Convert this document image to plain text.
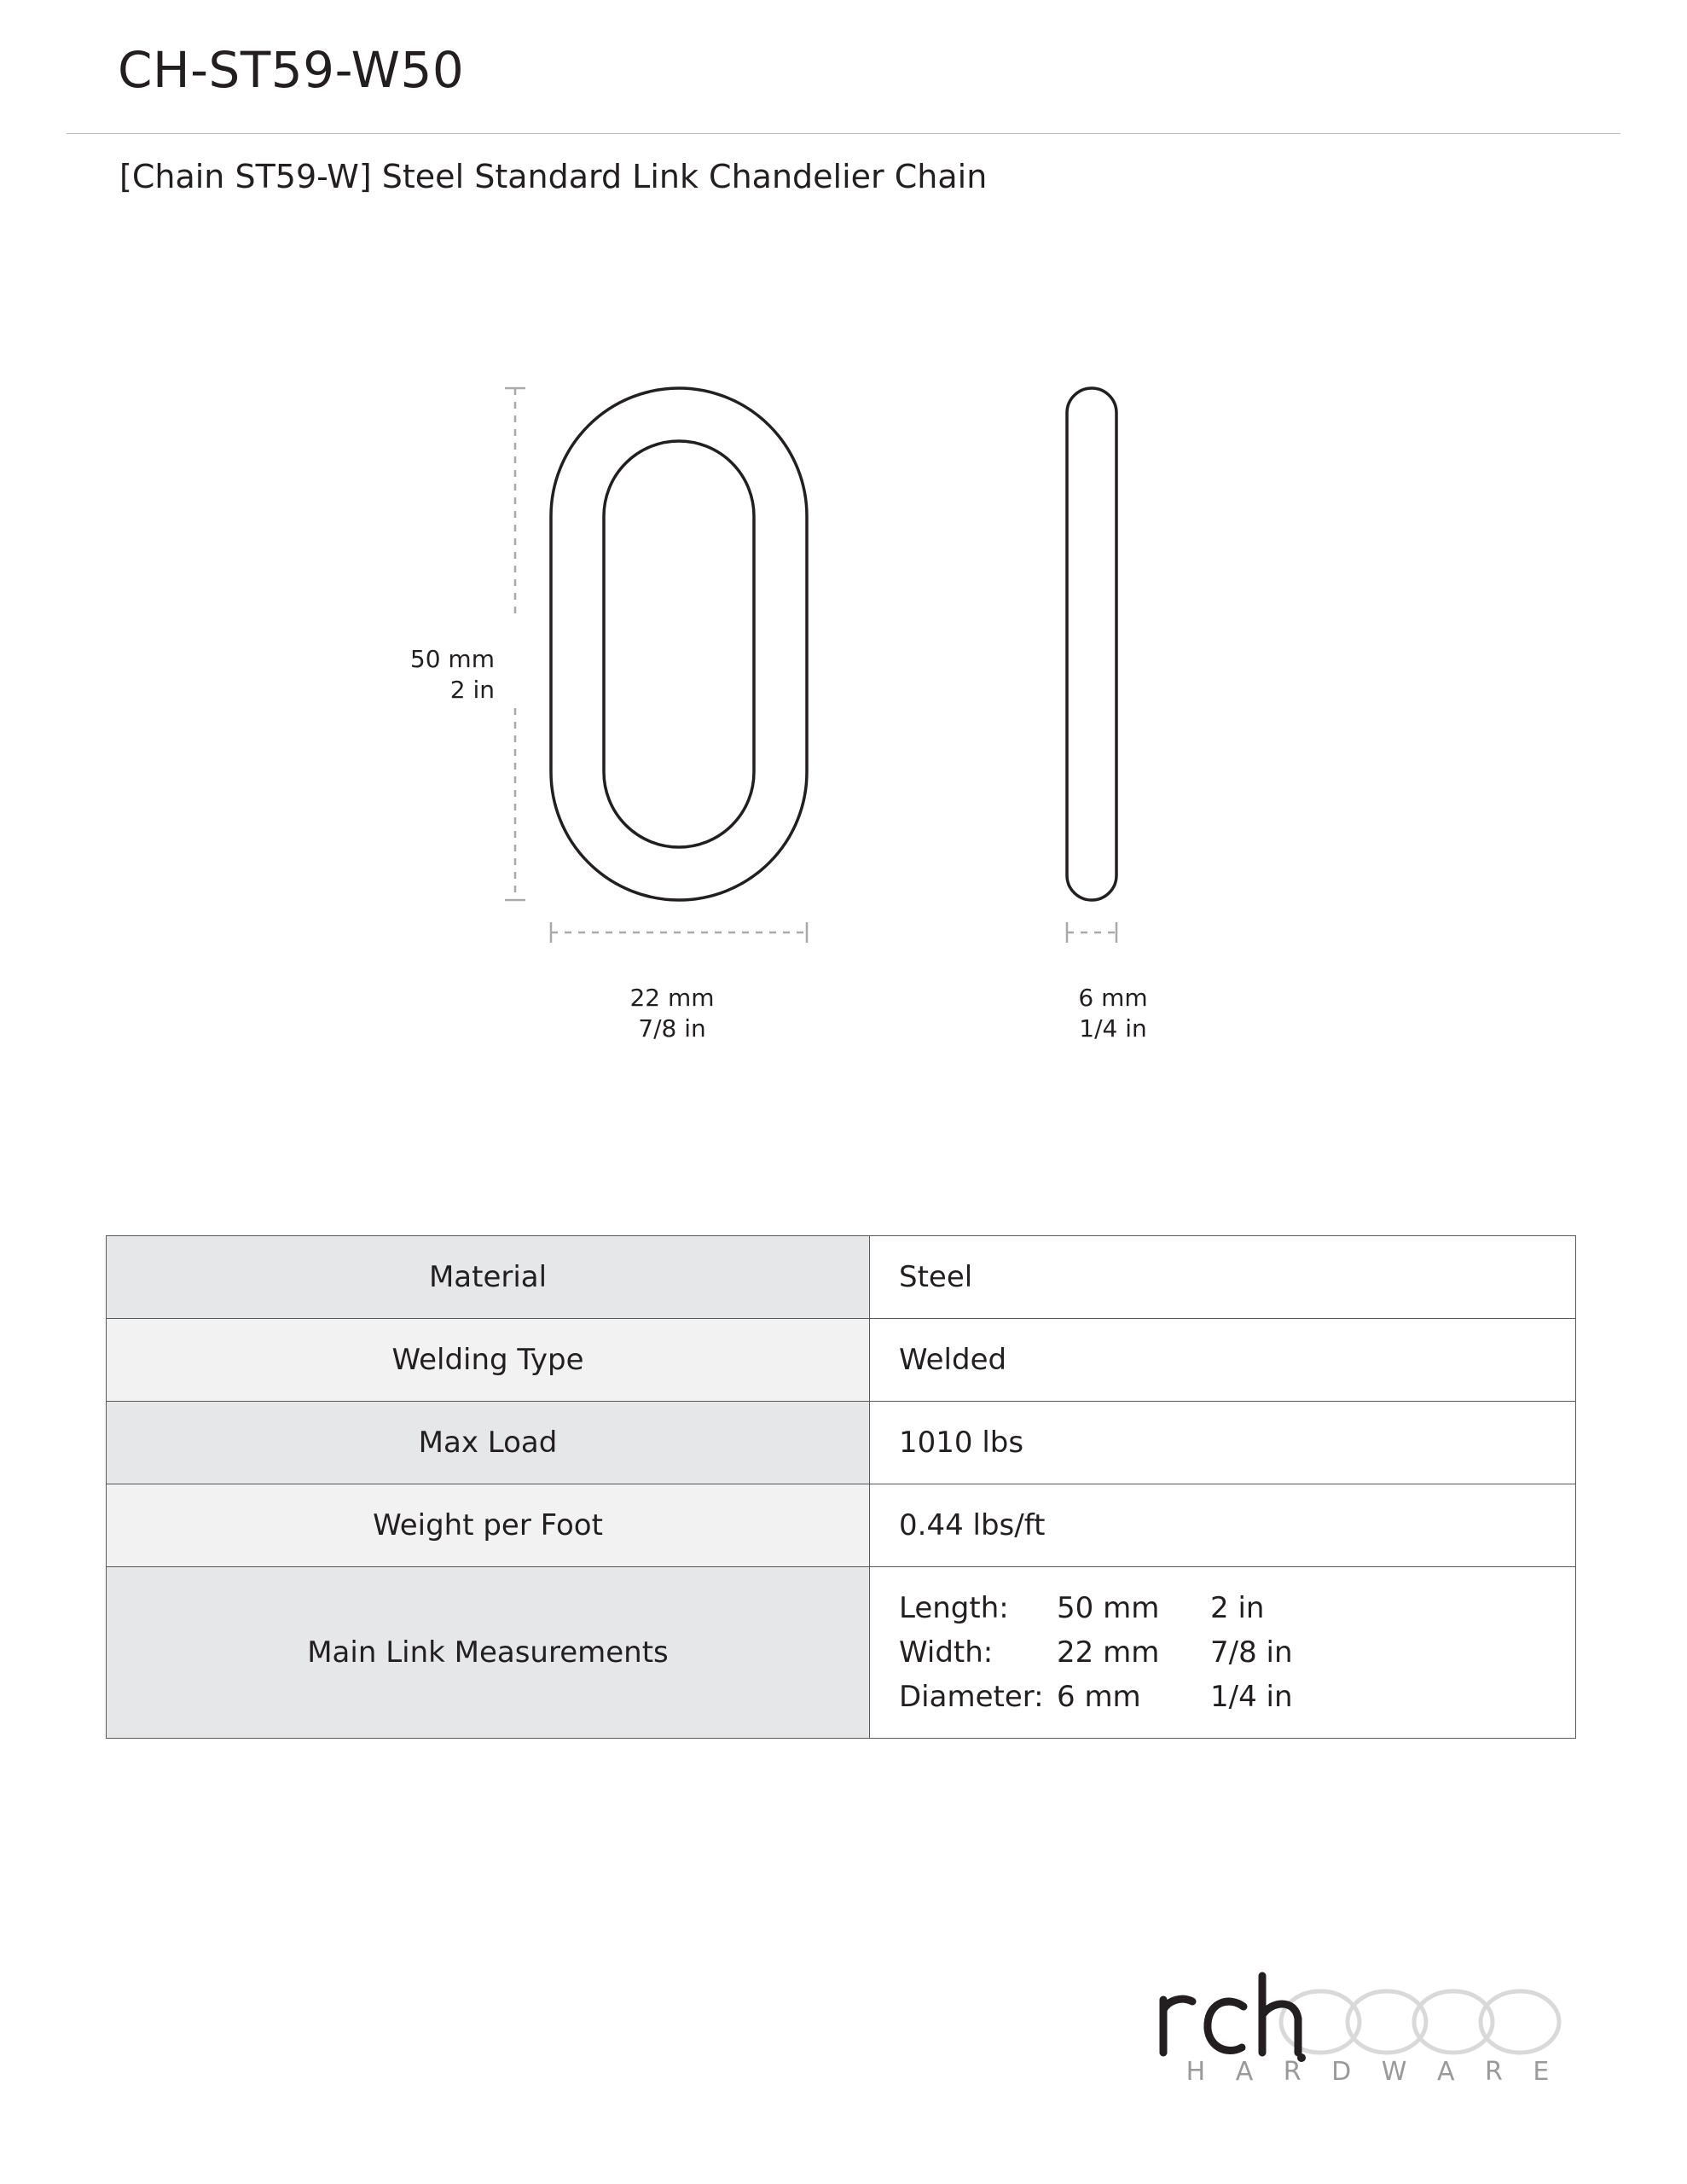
CH-ST59-W50
[Chain ST59-W] Steel Standard Link Chandelier Chain
50 mm
2 in
22 mm
7/8 in
6 mm
1/4 in
Material	Steel
Welding Type	Welded
Max Load	1010 lbs
Weight per Foot	0.44 lbs/ft
Main Link Measurements	
Length:	50 mm	2 in
Width:	22 mm	7/8 in
Diameter: 6 mm	1/4 in
H A R D W A R E
